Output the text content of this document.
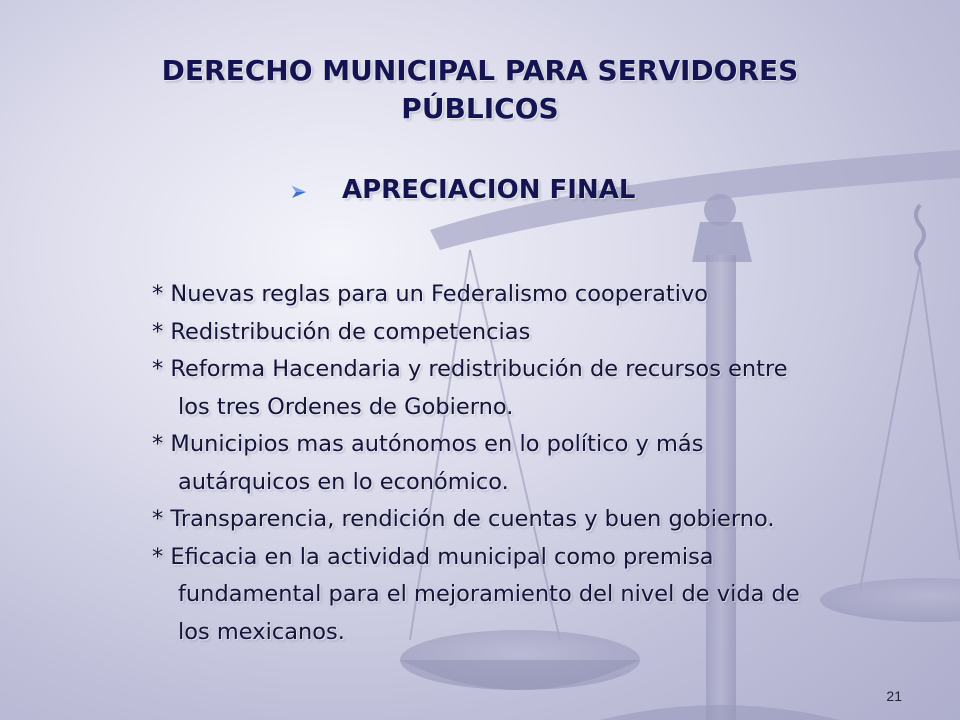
DERECHO MUNICIPAL PARA SERVIDORES
PÚBLICOS
APRECIACION FINAL
* Nuevas reglas para un Federalismo cooperativo
* Redistribución de competencias
* Reforma Hacendaria y redistribución de recursos entre
los tres Ordenes de Gobierno.
* Municipios mas autónomos en lo político y más
autárquicos en lo económico.
* Transparencia, rendición de cuentas y buen gobierno.
* Eficacia en la actividad municipal como premisa
fundamental para el mejoramiento del nivel de vida de
los mexicanos.
21
